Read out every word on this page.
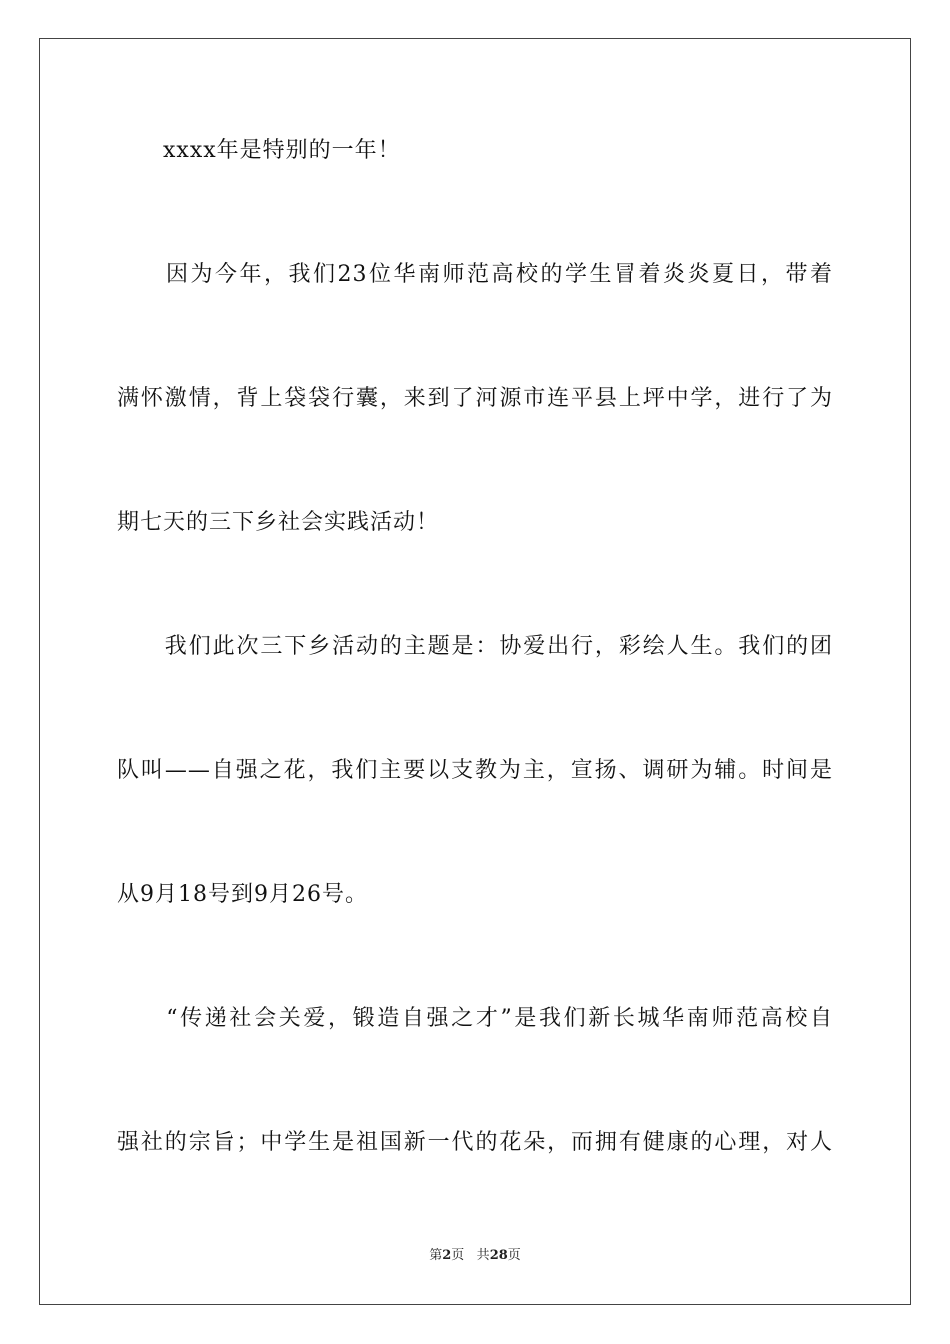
　　xxxx年是特别的一年！
　　因为今年，我们23位华南师范高校的学生冒着炎炎夏日，带着
满怀激情，背上袋袋行囊，来到了河源市连平县上坪中学，进行了为
期七天的三下乡社会实践活动！
　　我们此次三下乡活动的主题是：协爱出行，彩绘人生。我们的团
队叫——自强之花，我们主要以支教为主，宣扬、调研为辅。时间是
从9月18号到9月26号。
　　“传递社会关爱，锻造自强之才”是我们新长城华南师范高校自
强社的宗旨；中学生是祖国新一代的花朵，而拥有健康的心理，对人
第2页 共28页
